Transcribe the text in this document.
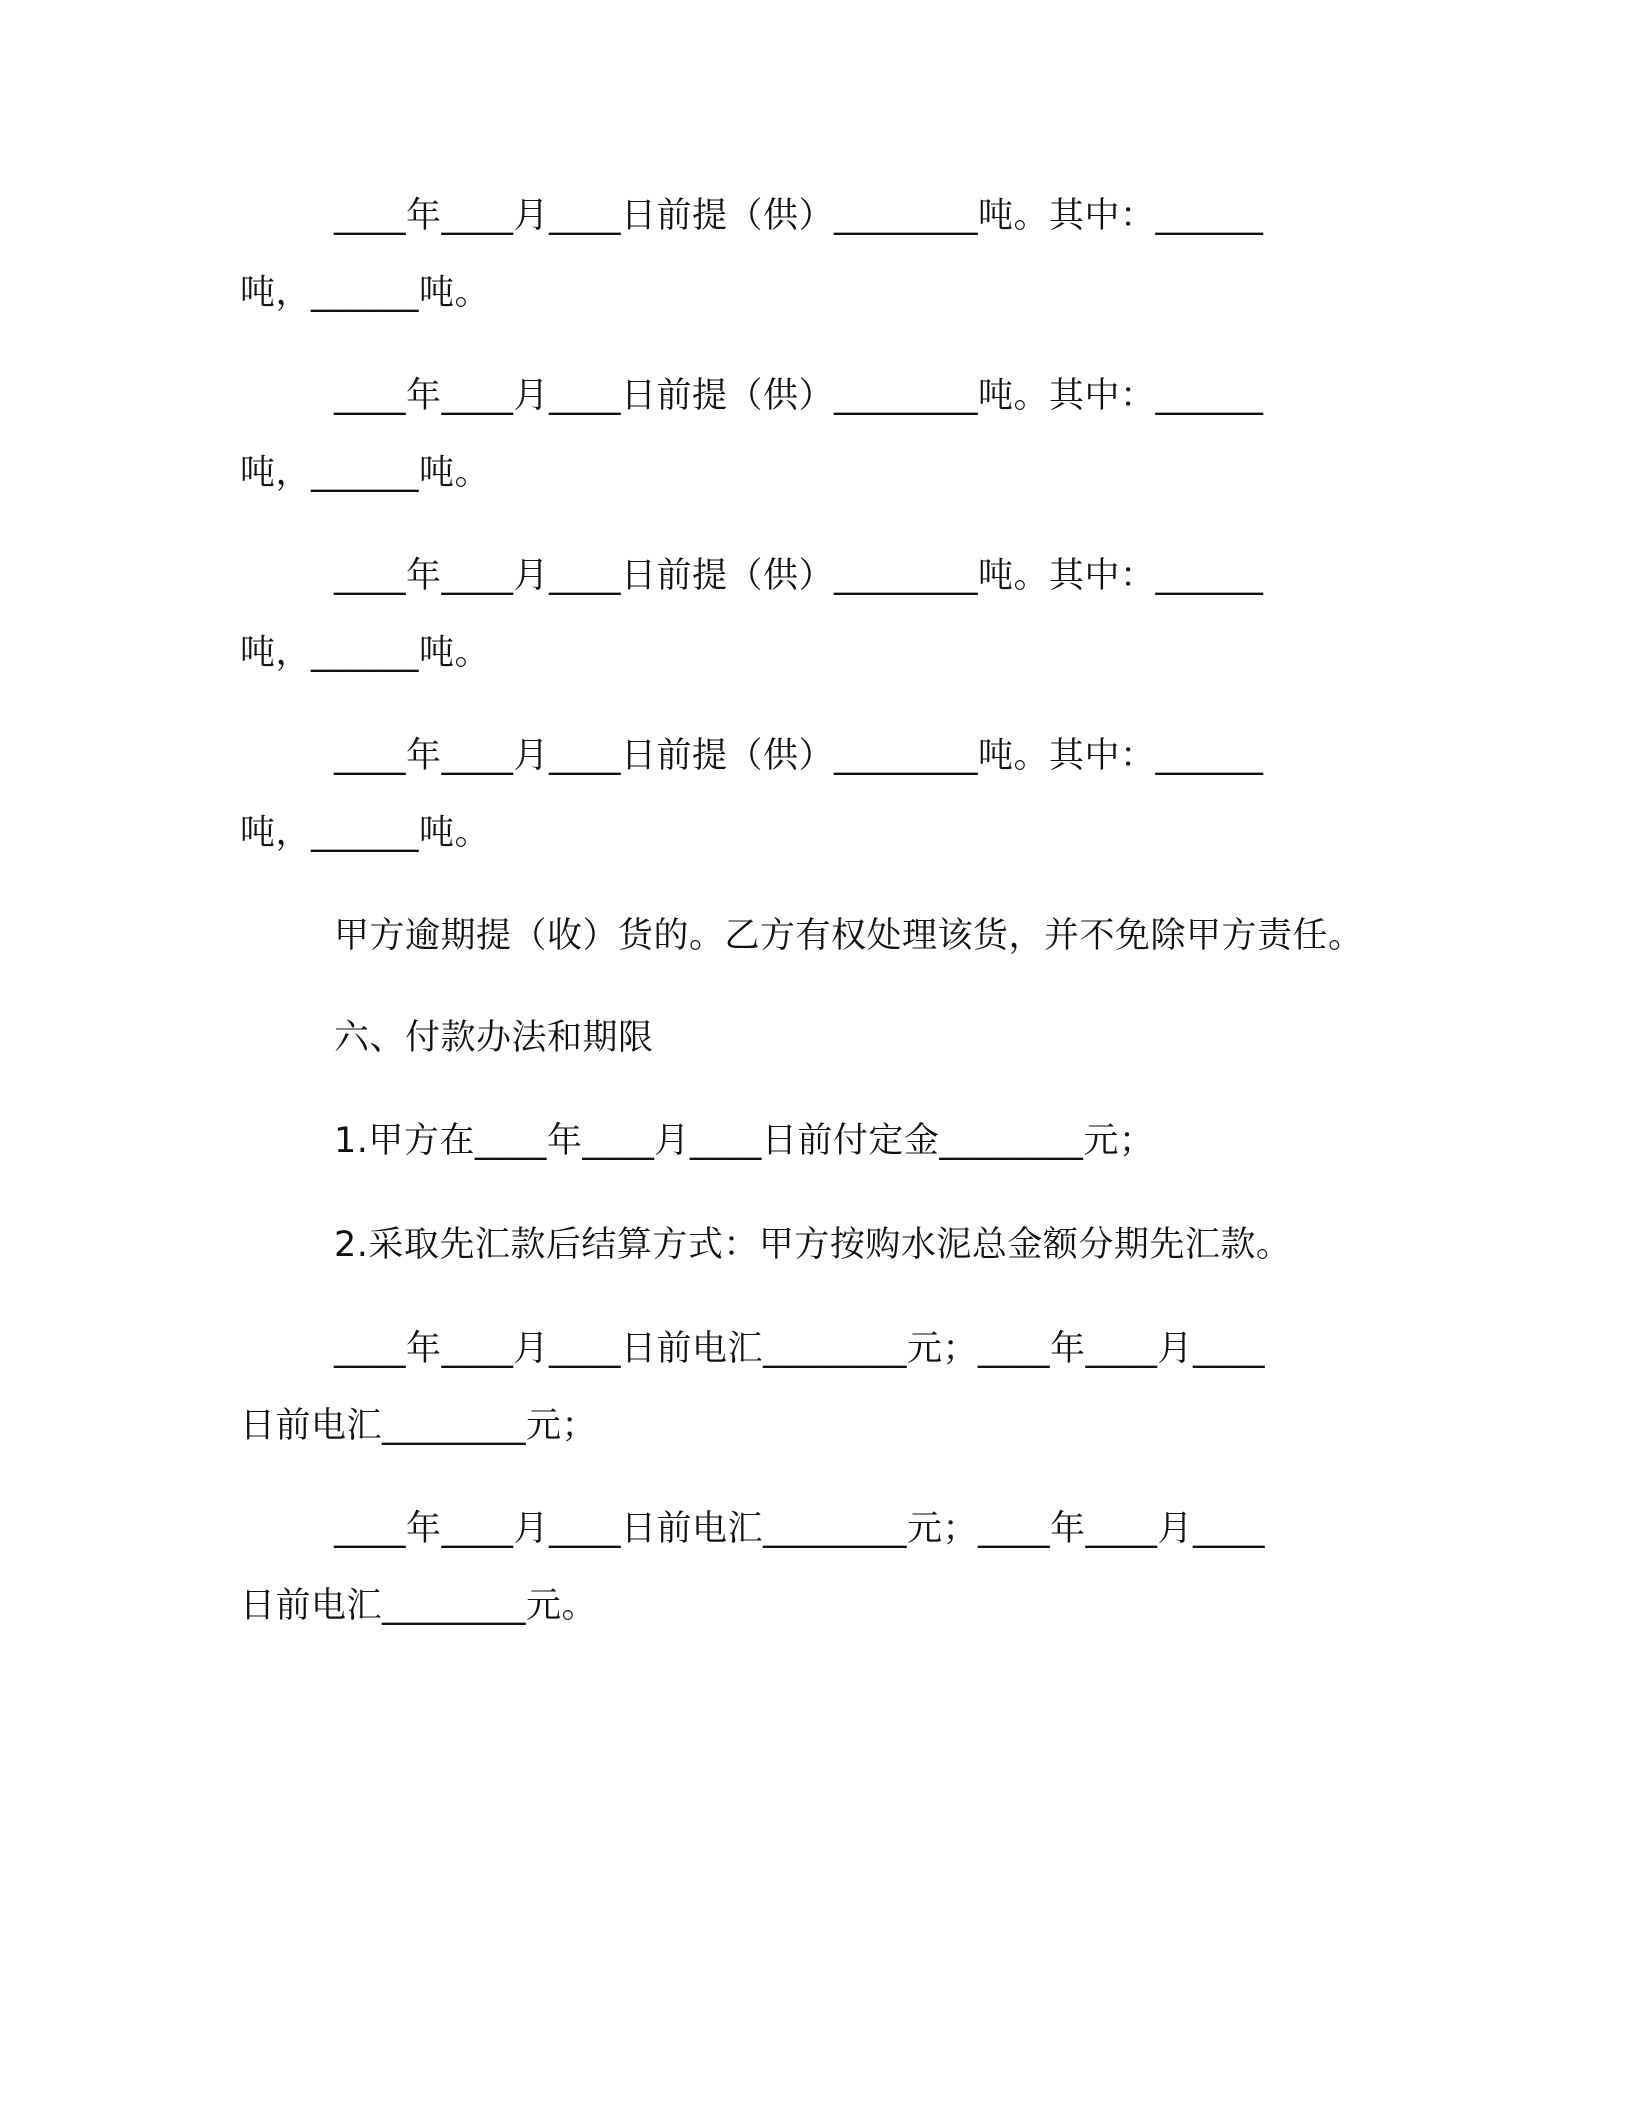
____年____月____日前提（供）________吨。其中：______
吨，______吨。
____年____月____日前提（供）________吨。其中：______
吨，______吨。
____年____月____日前提（供）________吨。其中：______
吨，______吨。
____年____月____日前提（供）________吨。其中：______
吨，______吨。
甲方逾期提（收）货的。乙方有权处理该货，并不免除甲方责任。
六、付款办法和期限
1.甲方在____年____月____日前付定金________元；
2.采取先汇款后结算方式：甲方按购水泥总金额分期先汇款。
____年____月____日前电汇________元；____年____月____
日前电汇________元；
____年____月____日前电汇________元；____年____月____
日前电汇________元。
